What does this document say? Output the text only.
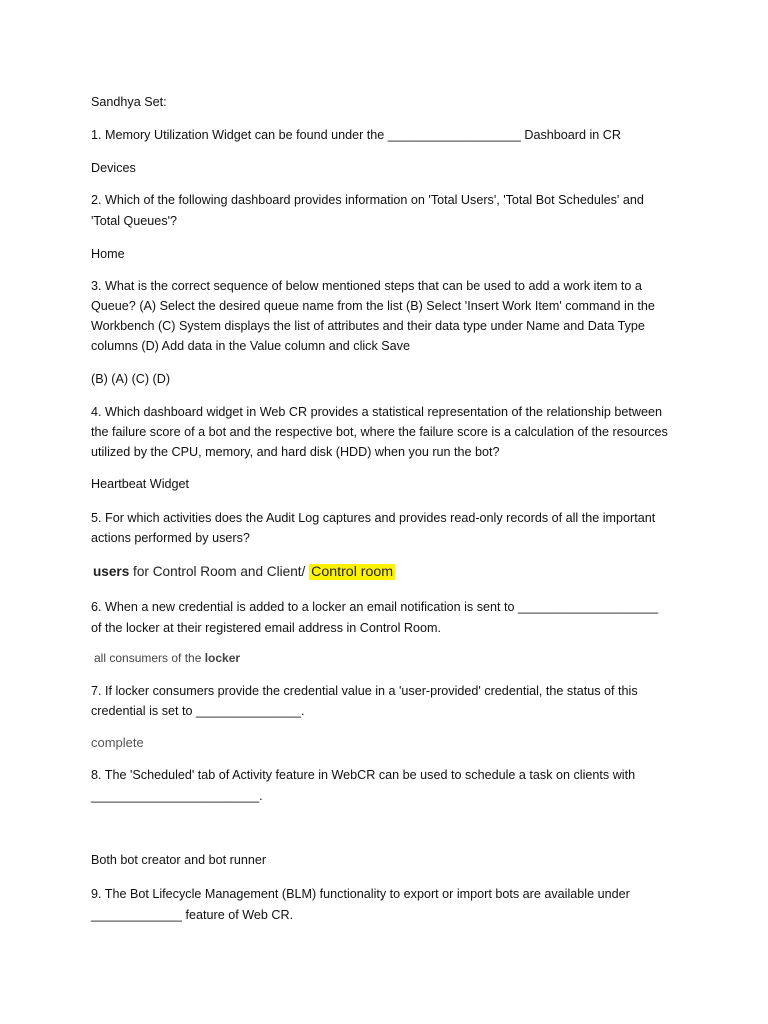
Sandhya Set:
1. Memory Utilization Widget can be found under the ___________________ Dashboard in CR
Devices
2. Which of the following dashboard provides information on 'Total Users', 'Total Bot Schedules' and
'Total Queues'?
Home
3. What is the correct sequence of below mentioned steps that can be used to add a work item to a
Queue? (A) Select the desired queue name from the list (B) Select 'Insert Work Item' command in the
Workbench (C) System displays the list of attributes and their data type under Name and Data Type
columns (D) Add data in the Value column and click Save
(B) (A) (C) (D)
4. Which dashboard widget in Web CR provides a statistical representation of the relationship between
the failure score of a bot and the respective bot, where the failure score is a calculation of the resources
utilized by the CPU, memory, and hard disk (HDD) when you run the bot?
Heartbeat Widget
5. For which activities does the Audit Log captures and provides read-only records of all the important
actions performed by users?
users for Control Room and Client/ Control room
6. When a new credential is added to a locker an email notification is sent to ____________________
of the locker at their registered email address in Control Room.
all consumers of the locker
7. If locker consumers provide the credential value in a 'user-provided' credential, the status of this
credential is set to _______________.
complete
8. The 'Scheduled' tab of Activity feature in WebCR can be used to schedule a task on clients with
________________________.
Both bot creator and bot runner
9. The Bot Lifecycle Management (BLM) functionality to export or import bots are available under
_____________ feature of Web CR.
